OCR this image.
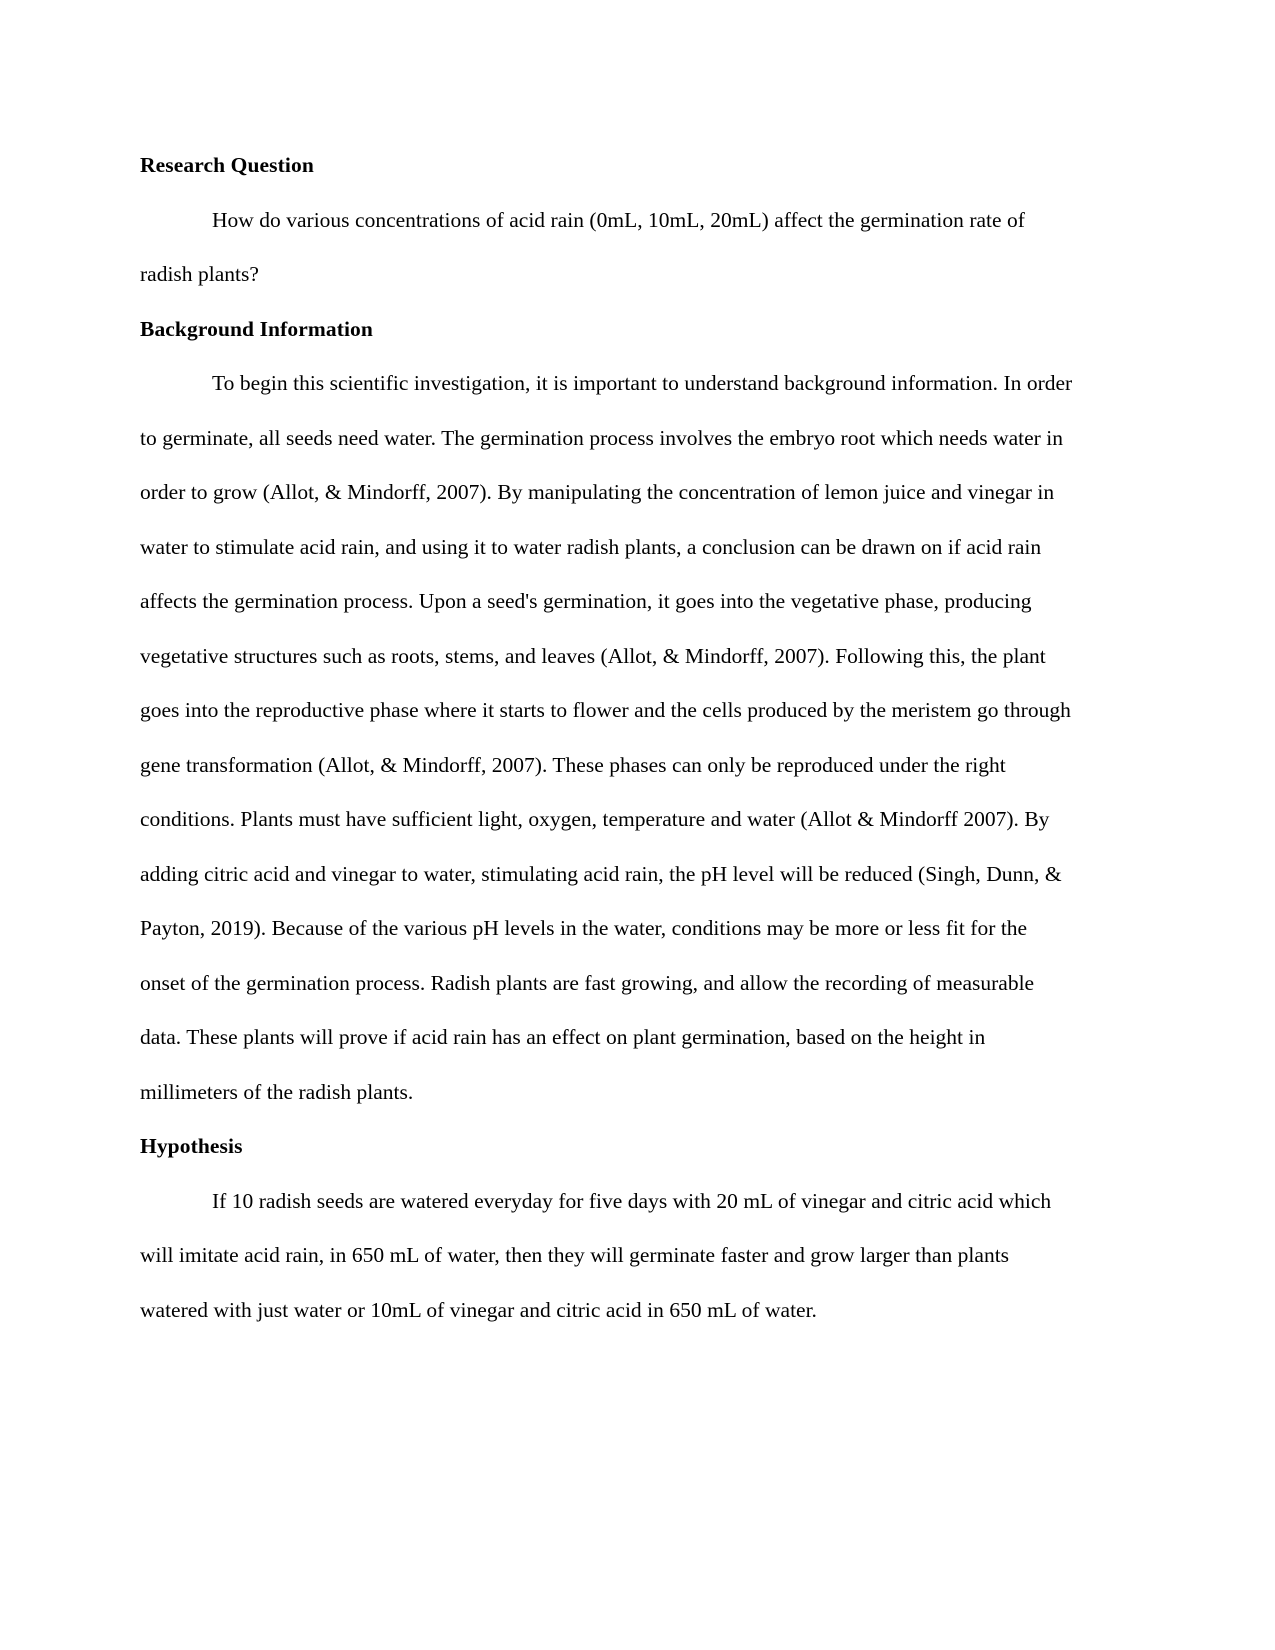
Research Question

How do various concentrations of acid rain (0mL, 10mL, 20mL) affect the germination rate of radish plants?

Background Information

To begin this scientific investigation, it is important to understand background information. In order to germinate, all seeds need water. The germination process involves the embryo root which needs water in order to grow (Allot, & Mindorff, 2007). By manipulating the concentration of lemon juice and vinegar in water to stimulate acid rain, and using it to water radish plants, a conclusion can be drawn on if acid rain affects the germination process. Upon a seed's germination, it goes into the vegetative phase, producing vegetative structures such as roots, stems, and leaves (Allot, & Mindorff, 2007). Following this, the plant goes into the reproductive phase where it starts to flower and the cells produced by the meristem go through gene transformation (Allot, & Mindorff, 2007). These phases can only be reproduced under the right conditions. Plants must have sufficient light, oxygen, temperature and water (Allot & Mindorff 2007). By adding citric acid and vinegar to water, stimulating acid rain, the pH level will be reduced (Singh, Dunn, & Payton, 2019). Because of the various pH levels in the water, conditions may be more or less fit for the onset of the germination process. Radish plants are fast growing, and allow the recording of measurable data. These plants will prove if acid rain has an effect on plant germination, based on the height in millimeters of the radish plants.

Hypothesis

If 10 radish seeds are watered everyday for five days with 20 mL of vinegar and citric acid which will imitate acid rain, in 650 mL of water, then they will germinate faster and grow larger than plants watered with just water or 10mL of vinegar and citric acid in 650 mL of water.
